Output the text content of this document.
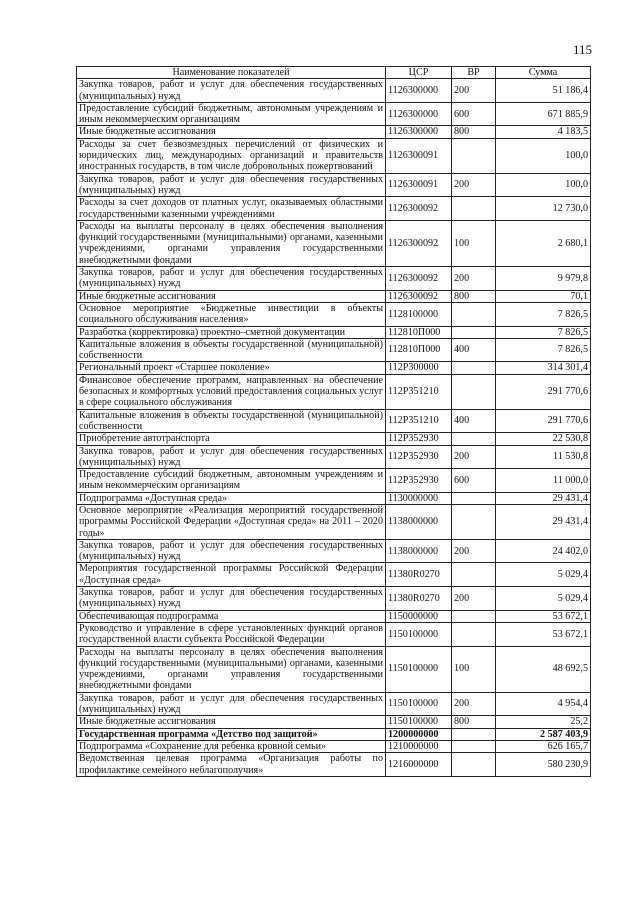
115
Наименование показателей	ЦСР	ВР	Сумма
Закупка товаров, работ и услуг для обеспечения государственных (муниципальных) нужд	1126300000	200	51 186,4
Предоставление субсидий бюджетным, автономным учреждениям и иным некоммерческим организациям	1126300000	600	671 885,9
Иные бюджетные ассигнования	1126300000	800	4 183,5
Расходы за счет безвозмездных перечислений от физических и юридических лиц, международных организаций и правительств иностранных государств, в том числе добровольных пожертвований	1126300091		100,0
Закупка товаров, работ и услуг для обеспечения государственных (муниципальных) нужд	1126300091	200	100,0
Расходы за счет доходов от платных услуг, оказываемых областными государственными казенными учреждениями	1126300092		12 730,0
Расходы на выплаты персоналу в целях обеспечения выполнения функций государственными (муниципальными) органами, казенными учреждениями, органами управления государственными внебюджетными фондами	1126300092	100	2 680,1
Закупка товаров, работ и услуг для обеспечения государственных (муниципальных) нужд	1126300092	200	9 979,8
Иные бюджетные ассигнования	1126300092	800	70,1
Основное мероприятие «Бюджетные инвестиции в объекты социального обслуживания населения»	1128100000		7 826,5
Разработка (корректировка) проектно–сметной документации	112810П000		7 826,5
Капитальные вложения в объекты государственной (муниципальной) собственности	112810П000	400	7 826,5
Региональный проект «Старшее поколение»	112P300000		314 301,4
Финансовое обеспечение программ, направленных на обеспечение безопасных и комфортных условий предоставления социальных услуг в сфере социального обслуживания	112P351210		291 770,6
Капитальные вложения в объекты государственной (муниципальной) собственности	112P351210	400	291 770,6
Приобретение автотранспорта	112P352930		22 530,8
Закупка товаров, работ и услуг для обеспечения государственных (муниципальных) нужд	112P352930	200	11 530,8
Предоставление субсидий бюджетным, автономным учреждениям и иным некоммерческим организациям	112P352930	600	11 000,0
Подпрограмма «Доступная среда»	1130000000		29 431,4
Основное мероприятие «Реализация мероприятий государственной программы Российской Федерации «Доступная среда» на 2011 – 2020 годы»	1138000000		29 431,4
Закупка товаров, работ и услуг для обеспечения государственных (муниципальных) нужд	1138000000	200	24 402,0
Мероприятия государственной программы Российской Федерации «Доступная среда»	11380R0270		5 029,4
Закупка товаров, работ и услуг для обеспечения государственных (муниципальных) нужд	11380R0270	200	5 029,4
Обеспечивающая подпрограмма	1150000000		53 672,1
Руководство и управление в сфере установленных функций органов государственной власти субъекта Российской Федерации	1150100000		53 672,1
Расходы на выплаты персоналу в целях обеспечения выполнения функций государственными (муниципальными) органами, казенными учреждениями, органами управления государственными внебюджетными фондами	1150100000	100	48 692,5
Закупка товаров, работ и услуг для обеспечения государственных (муниципальных) нужд	1150100000	200	4 954,4
Иные бюджетные ассигнования	1150100000	800	25,2
Государственная программа «Детство под защитой»	1200000000		2 587 403,9
Подпрограмма «Сохранение для ребенка кровной семьи»	1210000000		626 165,7
Ведомственная целевая программа «Организация работы по профилактике семейного неблагополучия»	1216000000		580 230,9
